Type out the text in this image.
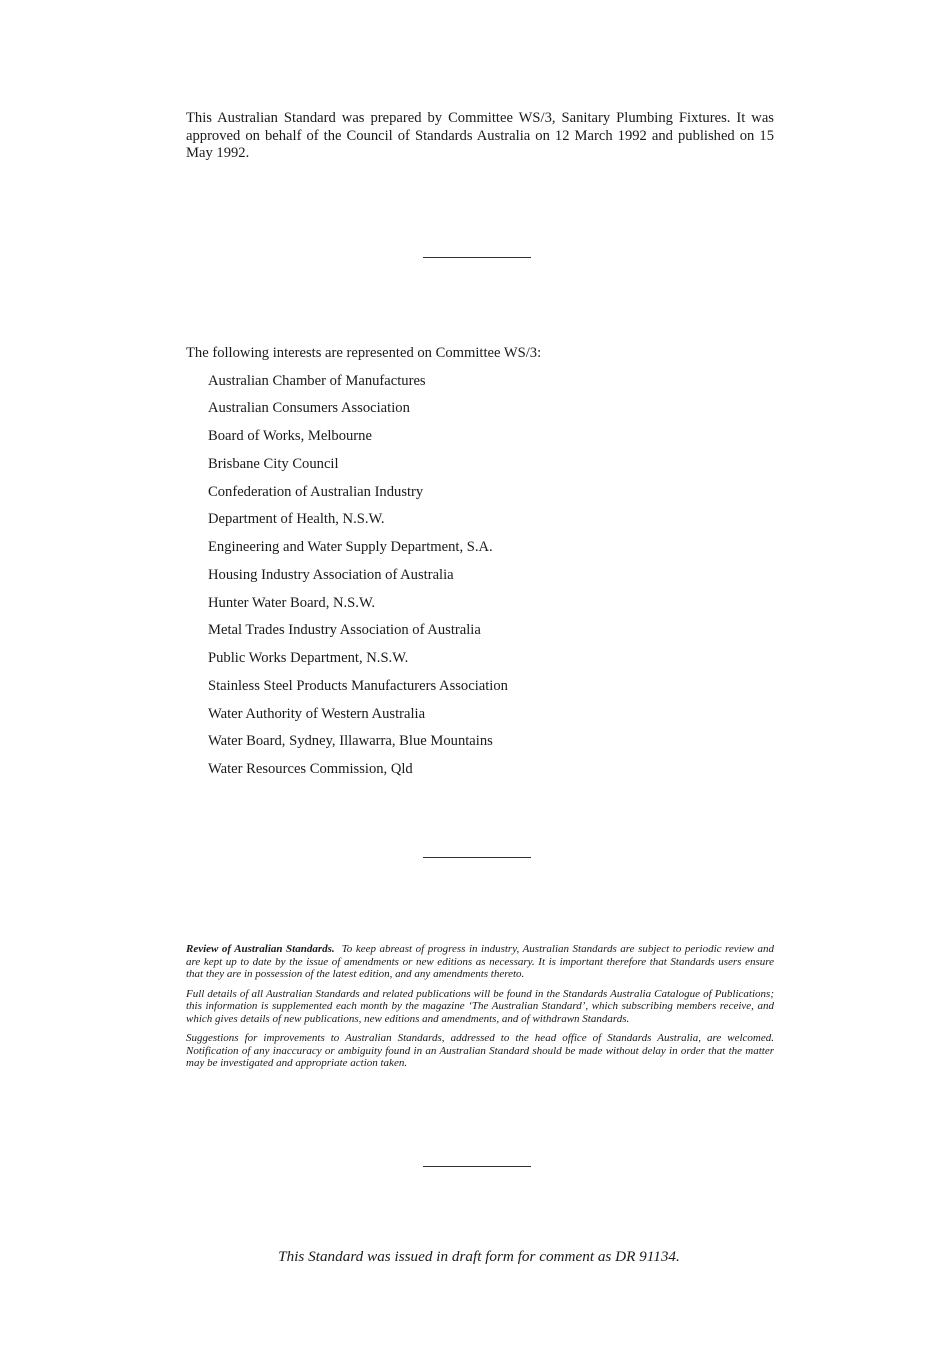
This Australian Standard was prepared by Committee WS/3, Sanitary Plumbing Fixtures. It was approved on behalf of the Council of Standards Australia on 12 March 1992 and published on 15 May 1992.

The following interests are represented on Committee WS/3:

Australian Chamber of Manufactures
Australian Consumers Association
Board of Works, Melbourne
Brisbane City Council
Confederation of Australian Industry
Department of Health, N.S.W.
Engineering and Water Supply Department, S.A.
Housing Industry Association of Australia
Hunter Water Board, N.S.W.
Metal Trades Industry Association of Australia
Public Works Department, N.S.W.
Stainless Steel Products Manufacturers Association
Water Authority of Western Australia
Water Board, Sydney, Illawarra, Blue Mountains
Water Resources Commission, Qld

Review of Australian Standards. To keep abreast of progress in industry, Australian Standards are subject to periodic review and are kept up to date by the issue of amendments or new editions as necessary. It is important therefore that Standards users ensure that they are in possession of the latest edition, and any amendments thereto.

Full details of all Australian Standards and related publications will be found in the Standards Australia Catalogue of Publications; this information is supplemented each month by the magazine ‘The Australian Standard’, which subscribing members receive, and which gives details of new publications, new editions and amendments, and of withdrawn Standards.

Suggestions for improvements to Australian Standards, addressed to the head office of Standards Australia, are welcomed. Notification of any inaccuracy or ambiguity found in an Australian Standard should be made without delay in order that the matter may be investigated and appropriate action taken.

This Standard was issued in draft form for comment as DR 91134.
